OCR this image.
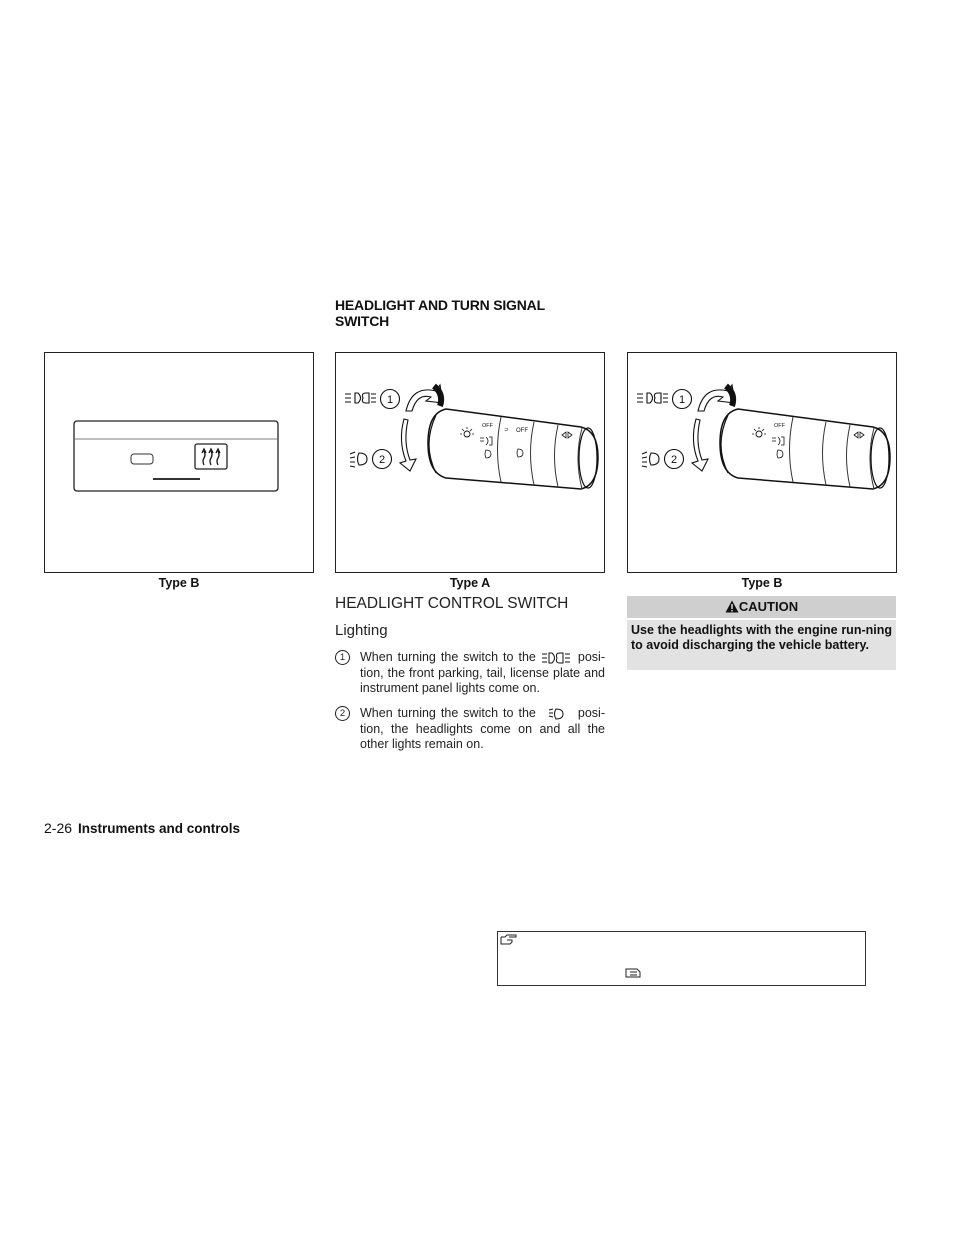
HEADLIGHT AND TURN SIGNAL SWITCH
Type B
1
2
OFF
OFF
⊃
Type A
1
2
OFF
Type B
HEADLIGHT CONTROL SWITCH
Lighting
1	When turning the switch to the	posi-tion, the front parking, tail, license plate and instrument panel lights come on.
2	When turning the switch to the	posi-tion, the headlights come on and all the other lights remain on.
CAUTION
Use the headlights with the engine run-ning to avoid discharging the vehicle battery.
2-26 Instruments and controls
